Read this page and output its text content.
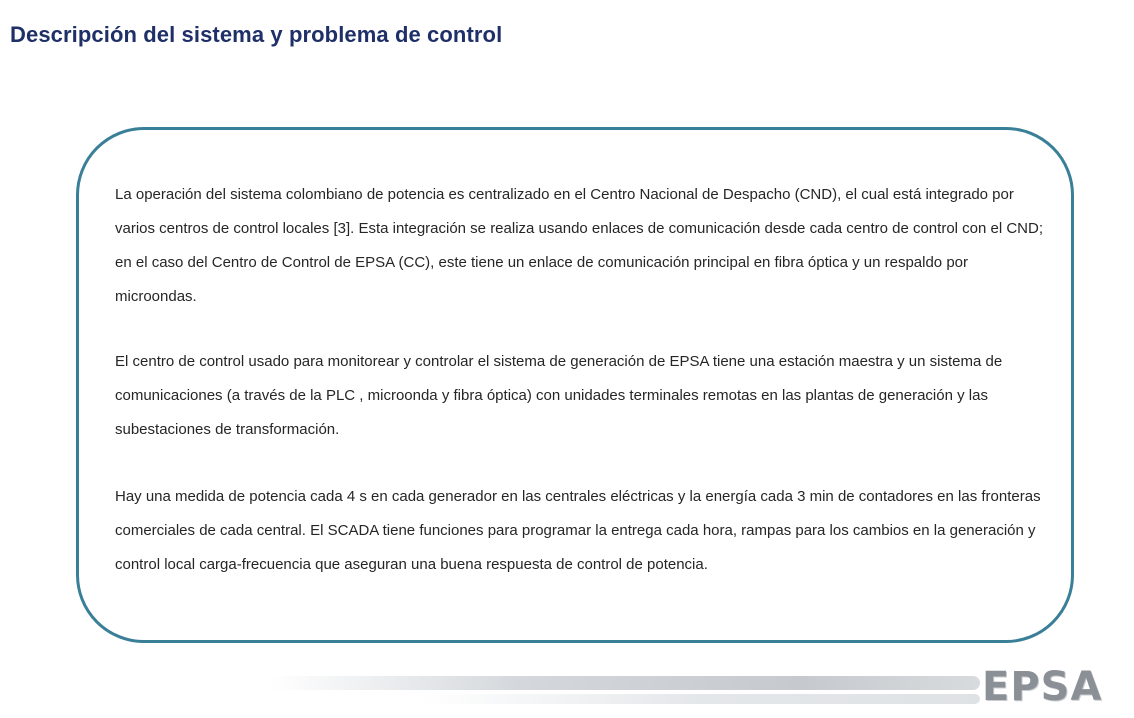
Descripción del sistema y problema de control
La operación del sistema colombiano de potencia es centralizado en el Centro Nacional de Despacho (CND), el cual está integrado por varios centros de control locales [3]. Esta integración se realiza usando enlaces de comunicación desde cada centro de control con el CND; en el caso del Centro de Control de EPSA (CC), este tiene un enlace de comunicación principal en fibra óptica y un respaldo por microondas.
El centro de control usado para monitorear y controlar el sistema de generación de EPSA tiene una estación maestra y un sistema de comunicaciones (a través de la PLC , microonda y fibra óptica) con unidades terminales remotas en las plantas de generación y las subestaciones de transformación.
Hay una medida de potencia cada 4 s en cada generador en las centrales eléctricas y la energía cada 3 min de contadores en las fronteras comerciales de cada central. El SCADA tiene funciones para programar la entrega cada hora, rampas para los cambios en la generación y control local carga-frecuencia que aseguran una buena respuesta de control de potencia.
EPSA
